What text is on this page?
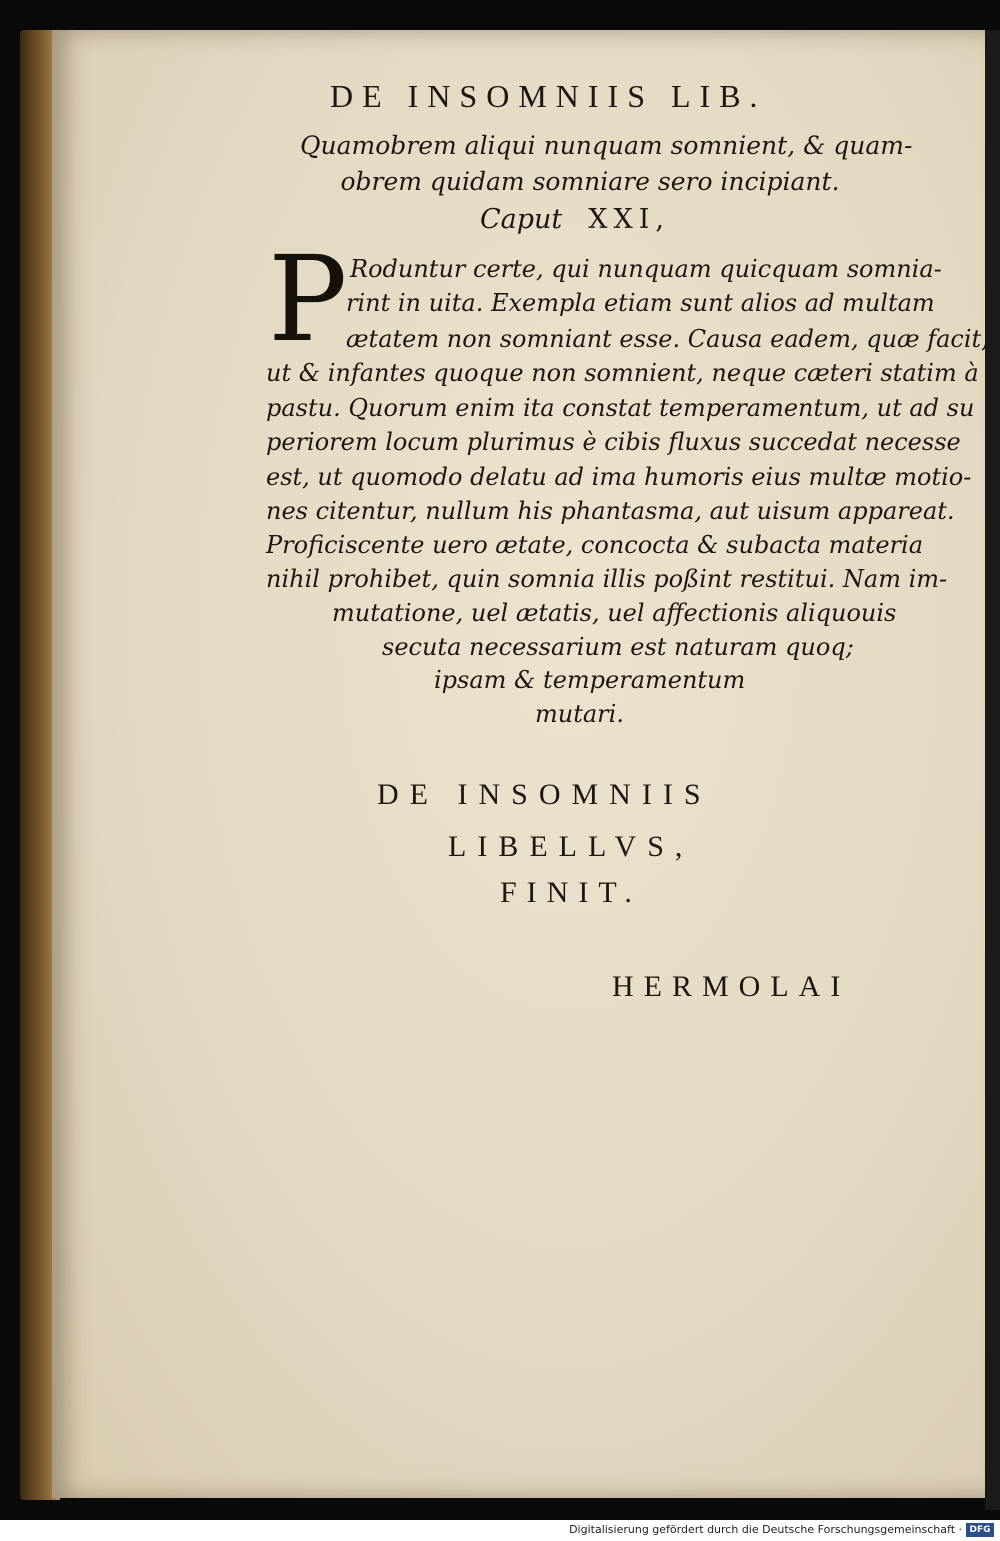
DE INSOMNIIS LIB.
Quamobrem aliqui nunquam somnient, & quam-
obrem quidam somniare sero incipiant.
Caput XXI,
P Roduntur certe, qui nunquam quicquam somnia-
rint in uita. Exempla etiam sunt alios ad multam
ætatem non somniant esse. Causa eadem, quæ facit,
ut & infantes quoque non somnient, neque cæteri statim à
pastu. Quorum enim ita constat temperamentum, ut ad su
periorem locum plurimus è cibis fluxus succedat necesse
est, ut quomodo delatu ad ima humoris eius multæ motio-
nes citentur, nullum his phantasma, aut uisum appareat.
Proficiscente uero ætate, concocta & subacta materia
nihil prohibet, quin somnia illis poßint restitui. Nam im-
mutatione, uel ætatis, uel affectionis aliquouis
secuta necessarium est naturam quoq;
ipsam & temperamentum
mutari.
DE INSOMNIIS
LIBELLVS,
FINIT.
HERMOLAI
Digitalisierung gefördert durch die Deutsche Forschungsgemeinschaft · DFG
